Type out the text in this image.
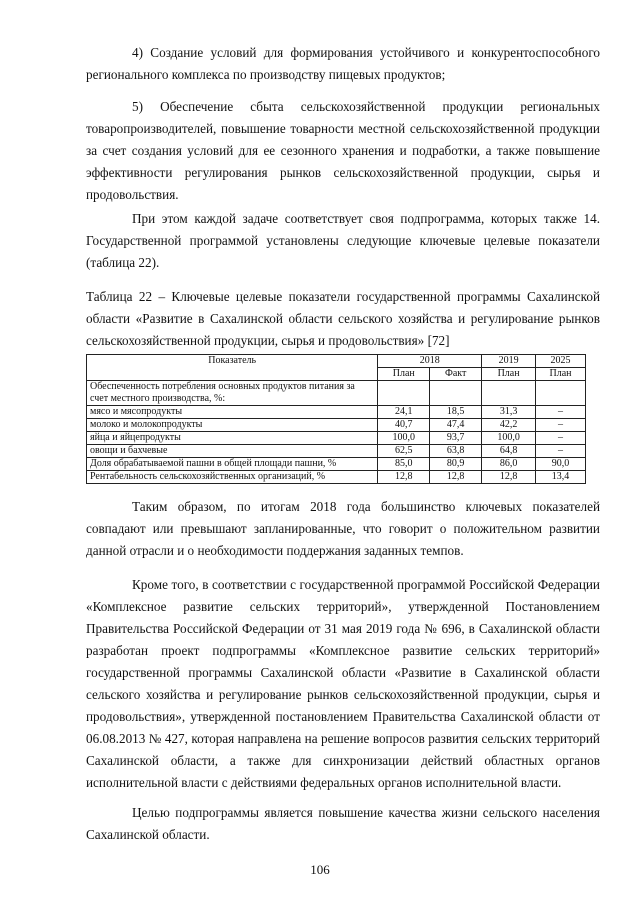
4) Создание условий для формирования устойчивого и конкурентоспособного регионального комплекса по производству пищевых продуктов;

5) Обеспечение сбыта сельскохозяйственной продукции региональных товаропроизводителей, повышение товарности местной сельскохозяйственной продукции за счет создания условий для ее сезонного хранения и подработки, а также повышение эффективности регулирования рынков сельскохозяйственной продукции, сырья и продовольствия.

При этом каждой задаче соответствует своя подпрограмма, которых также 14. Государственной программой установлены следующие ключевые целевые показатели (таблица 22).

Таблица 22 – Ключевые целевые показатели государственной программы Сахалинской области «Развитие в Сахалинской области сельского хозяйства и регулирование рынков сельскохозяйственной продукции, сырья и продовольствия» [72]

Показатель	2018		2019	2025
	План	Факт	План	План
Обеспеченность потребления основных продуктов питания за счет местного производства, %:				
мясо и мясопродукты	24,1	18,5	31,3	–
молоко и молокопродукты	40,7	47,4	42,2	–
яйца и яйцепродукты	100,0	93,7	100,0	–
овощи и бахчевые	62,5	63,8	64,8	–
Доля обрабатываемой пашни в общей площади пашни, %	85,0	80,9	86,0	90,0
Рентабельность сельскохозяйственных организаций, %	12,8	12,8	12,8	13,4

Таким образом, по итогам 2018 года большинство ключевых показателей совпадают или превышают запланированные, что говорит о положительном развитии данной отрасли и о необходимости поддержания заданных темпов.

Кроме того, в соответствии с государственной программой Российской Федерации «Комплексное развитие сельских территорий», утвержденной Постановлением Правительства Российской Федерации от 31 мая 2019 года № 696, в Сахалинской области разработан проект подпрограммы «Комплексное развитие сельских территорий» государственной программы Сахалинской области «Развитие в Сахалинской области сельского хозяйства и регулирование рынков сельскохозяйственной продукции, сырья и продовольствия», утвержденной постановлением Правительства Сахалинской области от 06.08.2013 № 427, которая направлена на решение вопросов развития сельских территорий Сахалинской области, а также для синхронизации действий областных органов исполнительной власти с действиями федеральных органов исполнительной власти.

Целью подпрограммы является повышение качества жизни сельского населения Сахалинской области.

106
